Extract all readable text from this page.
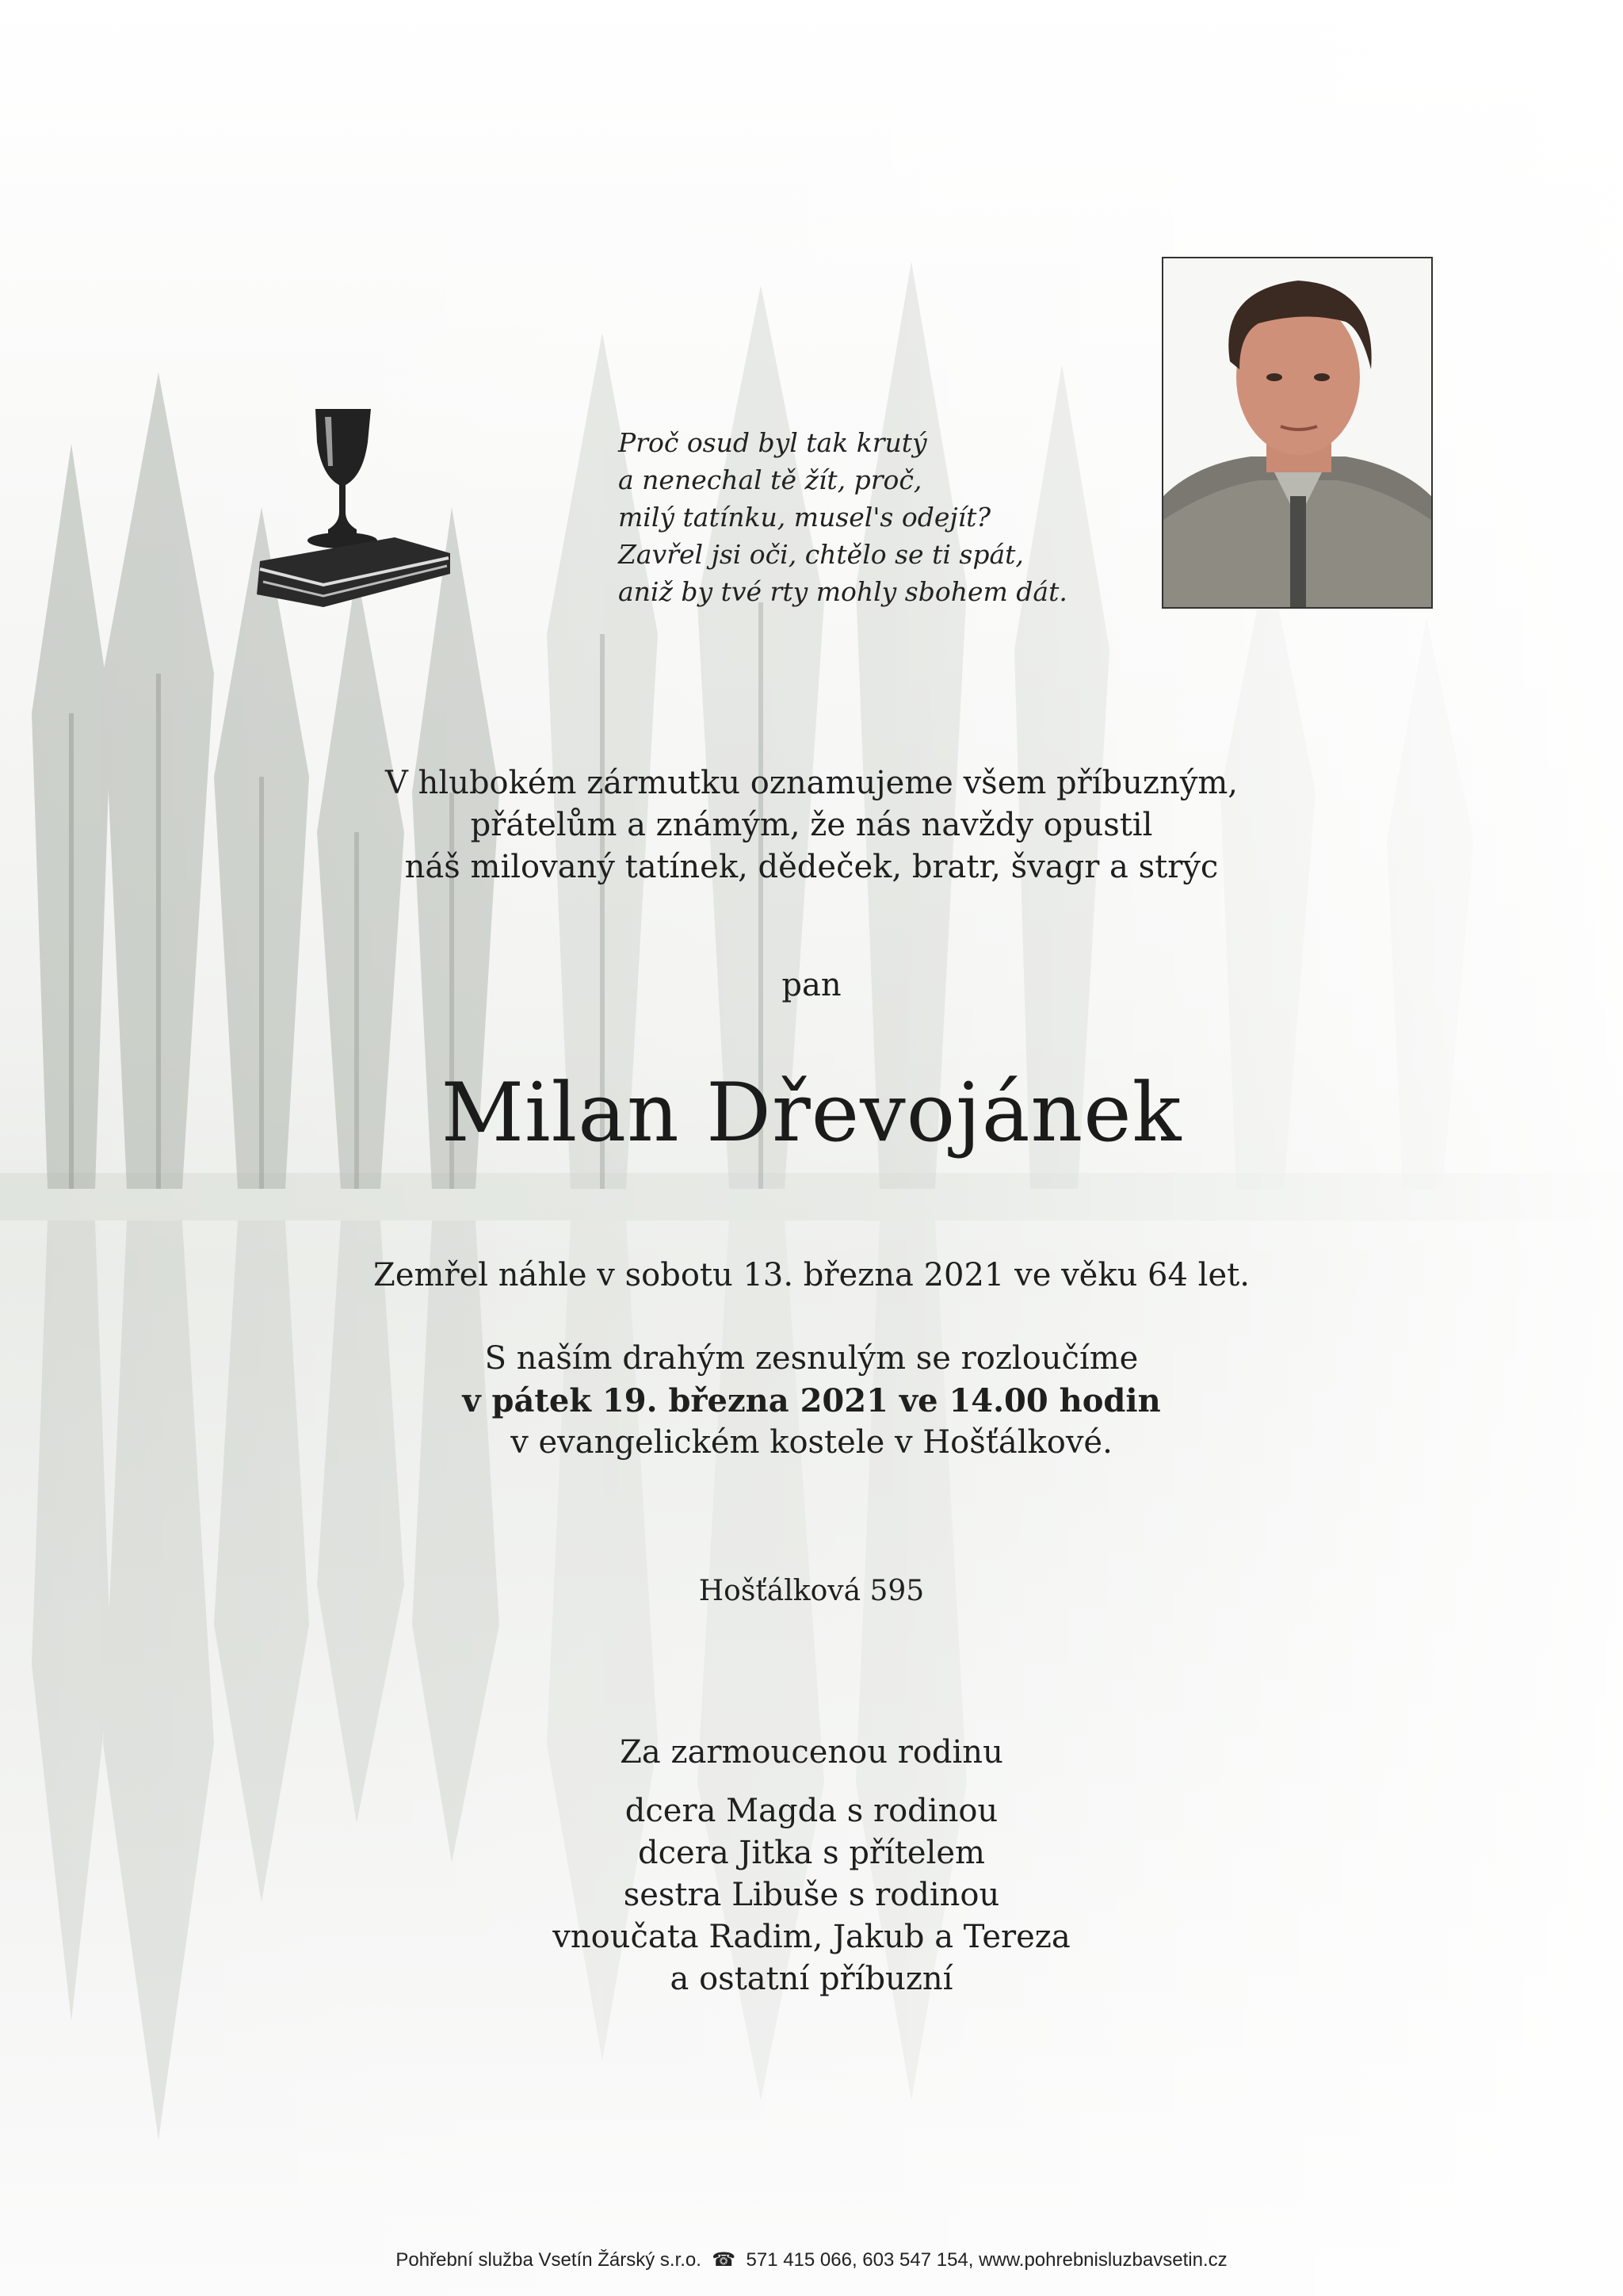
Proč osud byl tak krutý
a nenechal tě žít, proč,
milý tatínku, musel's odejít?
Zavřel jsi oči, chtělo se ti spát,
aniž by tvé rty mohly sbohem dát.
V hlubokém zármutku oznamujeme všem příbuzným,
přátelům a známým, že nás navždy opustil
náš milovaný tatínek, dědeček, bratr, švagr a strýc
pan
Milan Dřevojánek
Zemřel náhle v sobotu 13. března 2021 ve věku 64 let.
S naším drahým zesnulým se rozloučíme
v pátek 19. března 2021 ve 14.00 hodin
v evangelickém kostele v Hošťálkové.
Hošťálková 595
Za zarmoucenou rodinu
dcera Magda s rodinou
dcera Jitka s přítelem
sestra Libuše s rodinou
vnoučata Radim, Jakub a Tereza
a ostatní příbuzní
Pohřební služba Vsetín Žárský s.r.o.  ☎  571 415 066, 603 547 154, www.pohrebnisluzbavsetin.cz
